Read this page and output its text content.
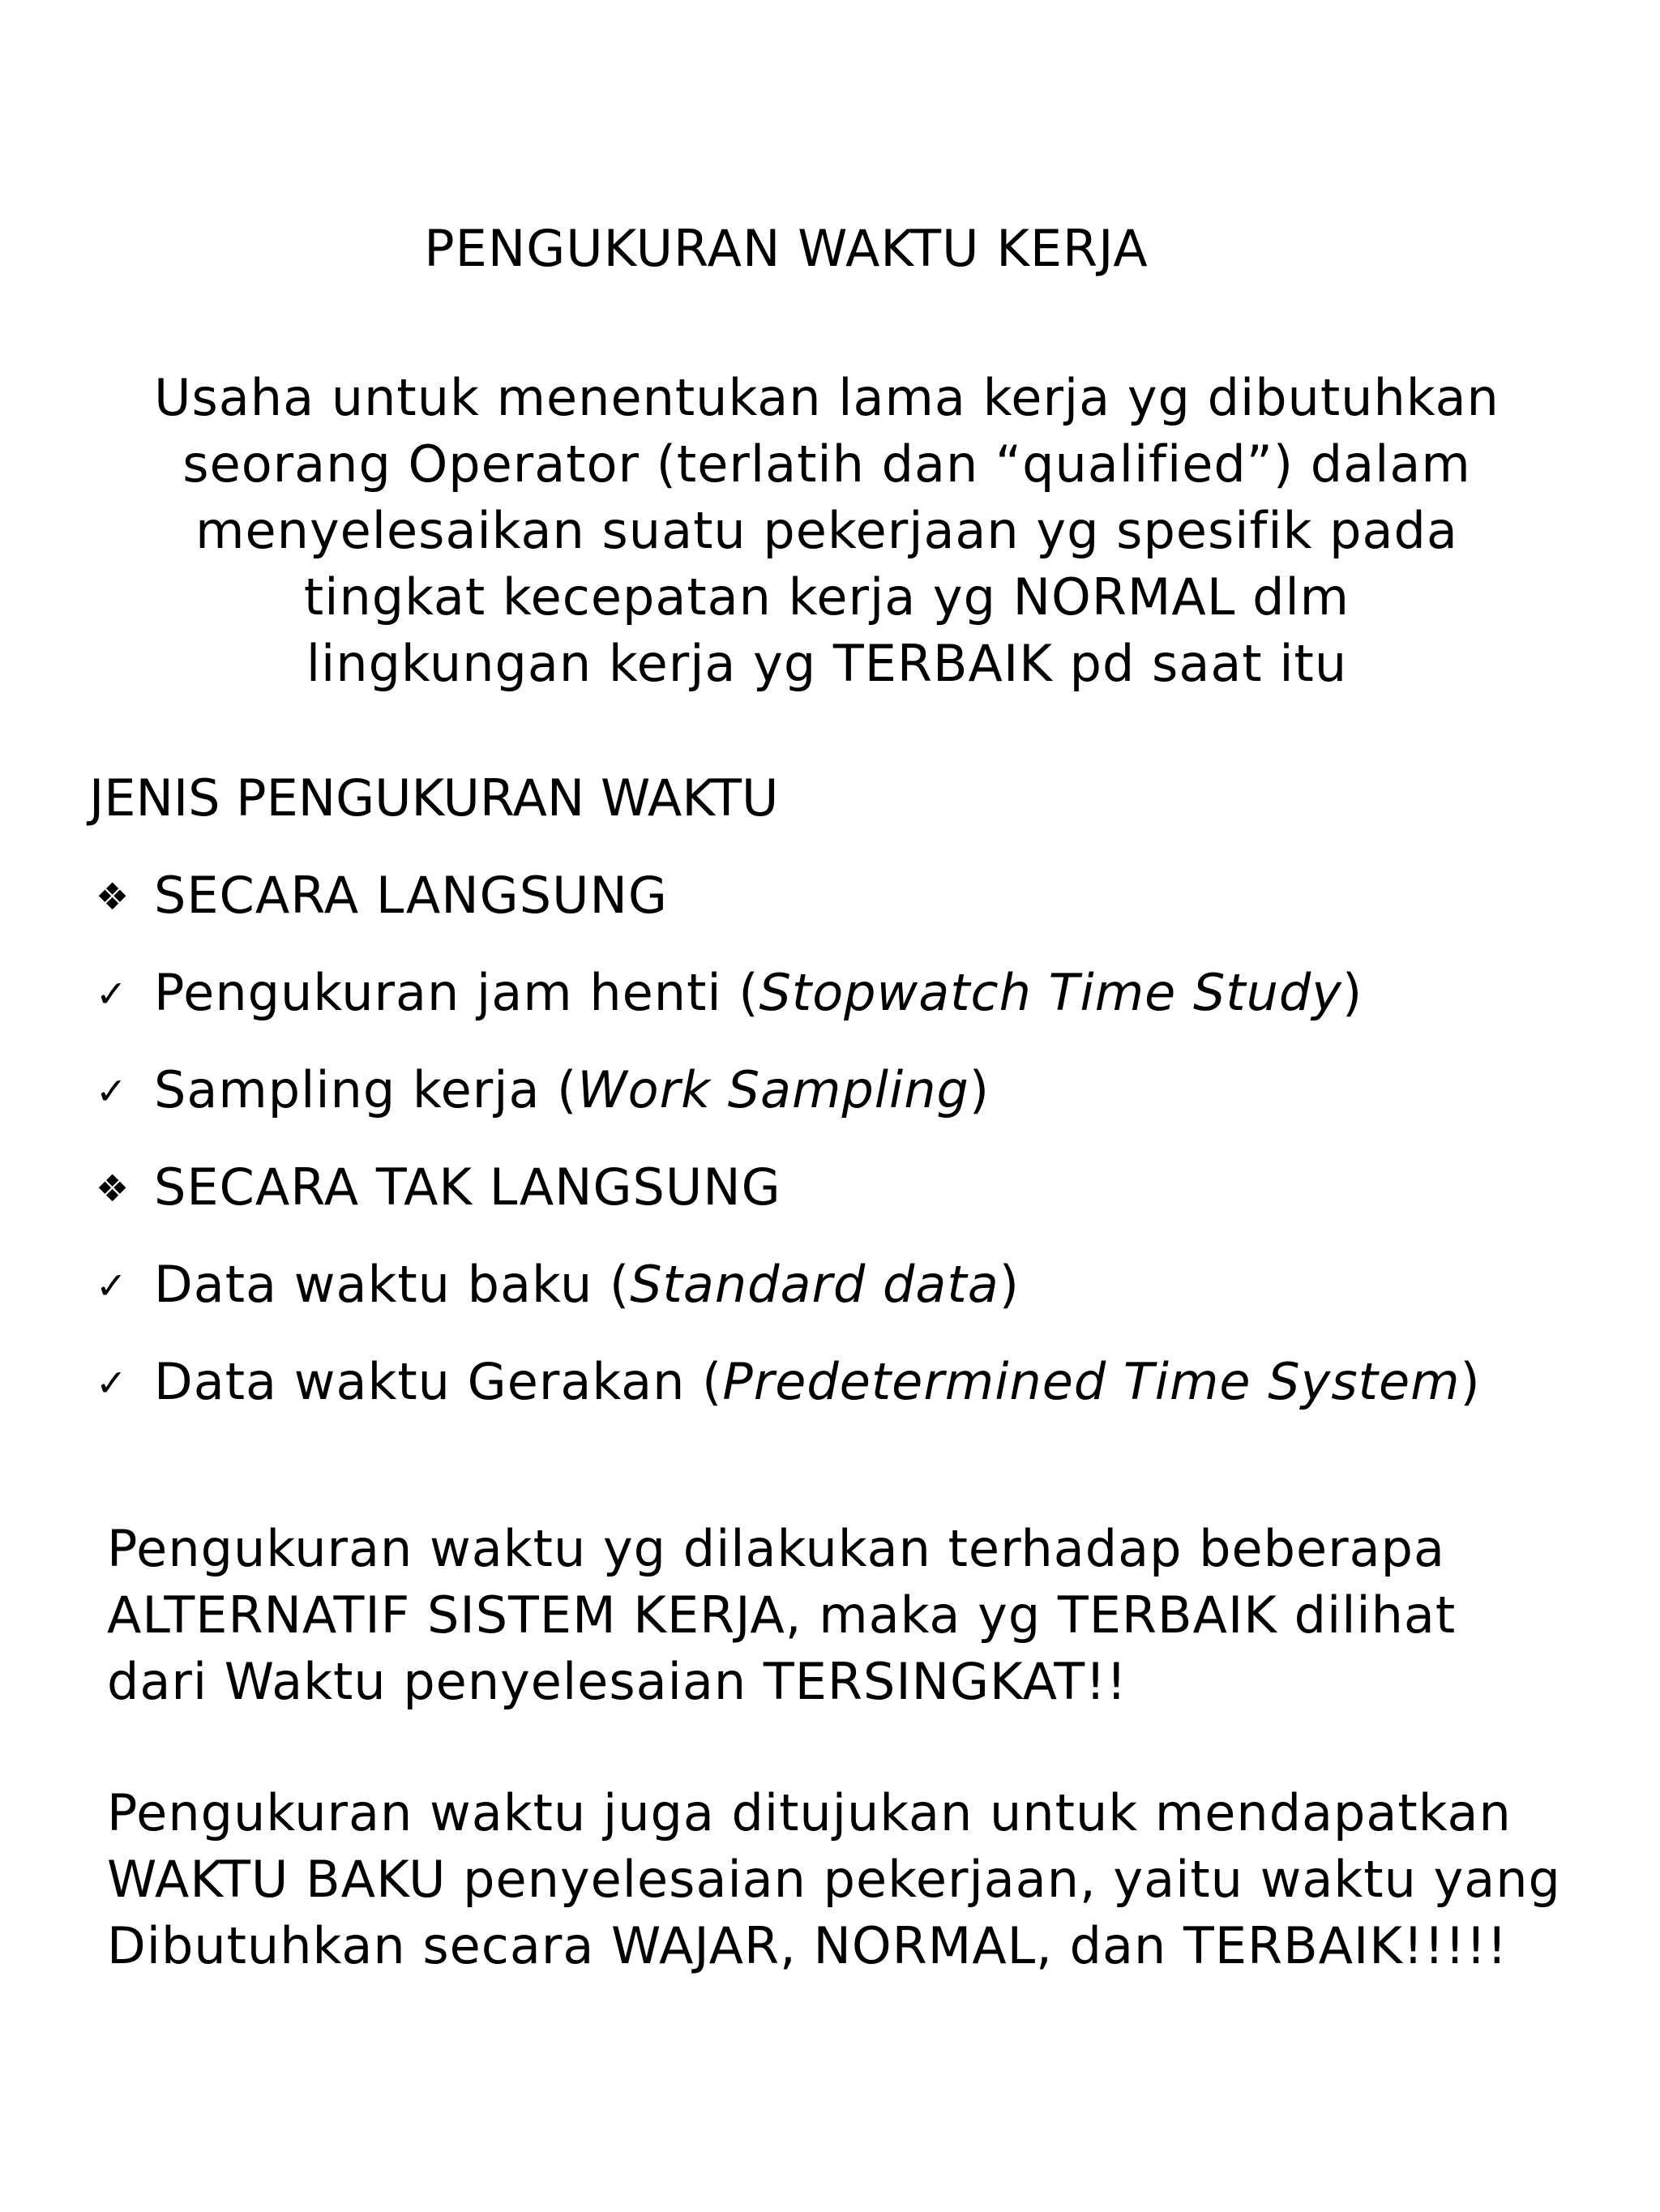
PENGUKURAN WAKTU KERJA
Usaha untuk menentukan lama kerja yg dibutuhkan
seorang Operator (terlatih dan “qualified”) dalam
menyelesaikan suatu pekerjaan yg spesifik pada
tingkat kecepatan kerja yg NORMAL dlm
lingkungan kerja yg TERBAIK pd saat itu
JENIS PENGUKURAN WAKTU
❖ SECARA LANGSUNG
✓ Pengukuran jam henti (Stopwatch Time Study)
✓ Sampling kerja (Work Sampling)
❖ SECARA TAK LANGSUNG
✓ Data waktu baku (Standard data)
✓ Data waktu Gerakan (Predetermined Time System)
Pengukuran waktu yg dilakukan terhadap beberapa
ALTERNATIF SISTEM KERJA, maka yg TERBAIK dilihat
dari Waktu penyelesaian TERSINGKAT!!
Pengukuran waktu juga ditujukan untuk mendapatkan
WAKTU BAKU penyelesaian pekerjaan, yaitu waktu yang
Dibutuhkan secara WAJAR, NORMAL, dan TERBAIK!!!!!
